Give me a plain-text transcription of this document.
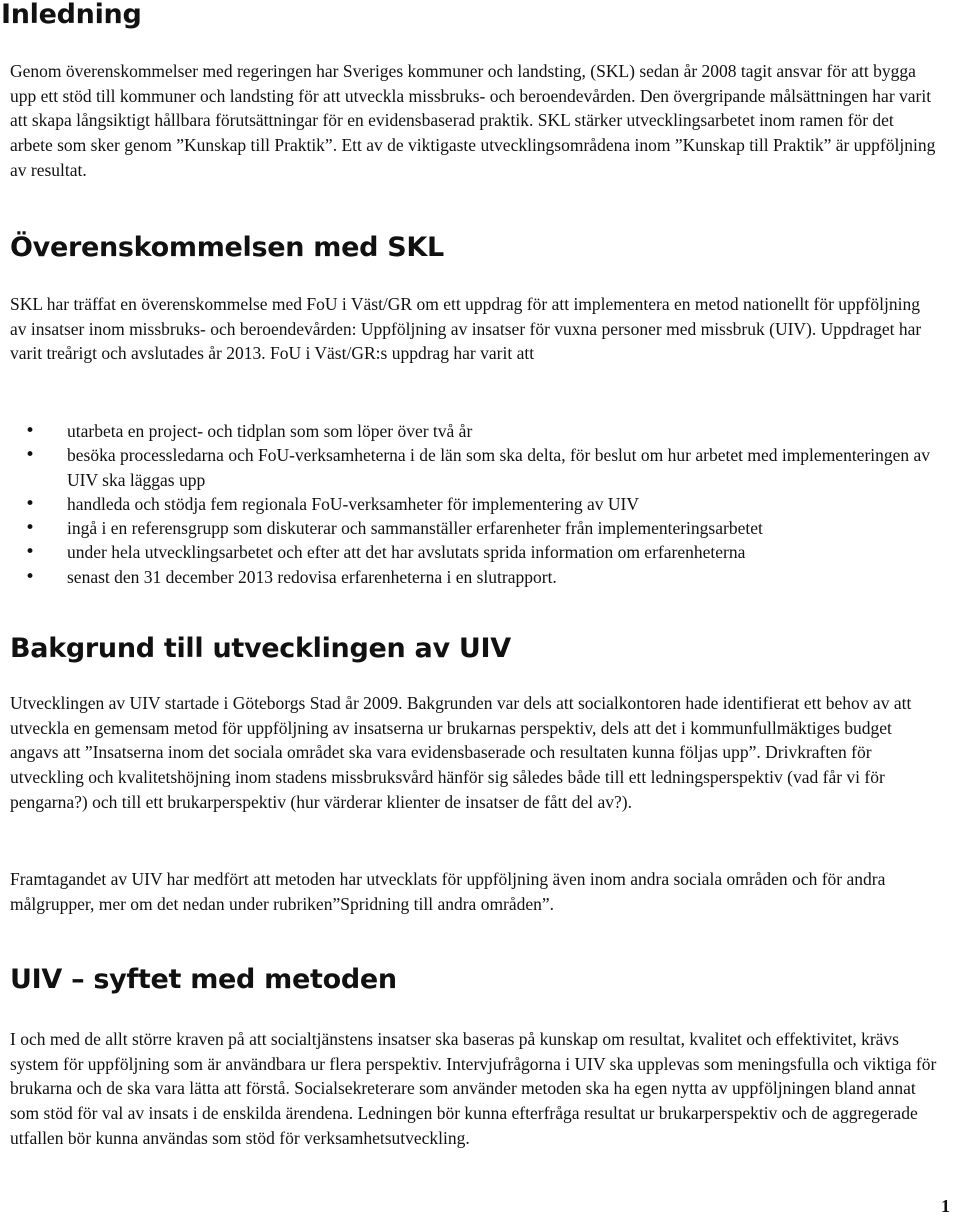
Inledning

Genom överenskommelser med regeringen har Sveriges kommuner och landsting, (SKL) sedan år 2008 tagit ansvar för att bygga upp ett stöd till kommuner och landsting för att utveckla missbruks- och beroendevården. Den övergripande målsättningen har varit att skapa långsiktigt hållbara förutsättningar för en evidensbaserad praktik. SKL stärker utvecklingsarbetet inom ramen för det arbete som sker genom ”Kunskap till Praktik”. Ett av de viktigaste utvecklingsområdena inom ”Kunskap till Praktik” är uppföljning av resultat.

Överenskommelsen med SKL

SKL har träffat en överenskommelse med FoU i Väst/GR om ett uppdrag för att implementera en metod nationellt för uppföljning av insatser inom missbruks- och beroendevården: Uppföljning av insatser för vuxna personer med missbruk (UIV). Uppdraget har varit treårigt och avslutades år 2013. FoU i Väst/GR:s uppdrag har varit att

• utarbeta en project- och tidplan som som löper över två år
• besöka processledarna och FoU-verksamheterna i de län som ska delta, för beslut om hur arbetet med implementeringen av UIV ska läggas upp
• handleda och stödja fem regionala FoU-verksamheter för implementering av UIV
• ingå i en referensgrupp som diskuterar och sammanställer erfarenheter från implementeringsarbetet
• under hela utvecklingsarbetet och efter att det har avslutats sprida information om erfarenheterna
• senast den 31 december 2013 redovisa erfarenheterna i en slutrapport.
Bakgrund till utvecklingen av UIV

Utvecklingen av UIV startade i Göteborgs Stad år 2009. Bakgrunden var dels att socialkontoren hade identifierat ett behov av att utveckla en gemensam metod för uppföljning av insatserna ur brukarnas perspektiv, dels att det i kommunfullmäktiges budget angavs att ”Insatserna inom det sociala området ska vara evidensbaserade och resultaten kunna följas upp”. Drivkraften för utveckling och kvalitetshöjning inom stadens missbruksvård hänför sig således både till ett ledningsperspektiv (vad får vi för pengarna?) och till ett brukarperspektiv (hur värderar klienter de insatser de fått del av?).

Framtagandet av UIV har medfört att metoden har utvecklats för uppföljning även inom andra sociala områden och för andra målgrupper, mer om det nedan under rubriken”Spridning till andra områden”.

UIV – syftet med metoden

I och med de allt större kraven på att socialtjänstens insatser ska baseras på kunskap om resultat, kvalitet och effektivitet, krävs system för uppföljning som är användbara ur flera perspektiv. Intervjufrågorna i UIV ska upplevas som meningsfulla och viktiga för brukarna och de ska vara lätta att förstå. Socialsekreterare som använder metoden ska ha egen nytta av uppföljningen bland annat som stöd för val av insats i de enskilda ärendena. Ledningen bör kunna efterfråga resultat ur brukarperspektiv och de aggregerade utfallen bör kunna användas som stöd för verksamhetsutveckling.

1
